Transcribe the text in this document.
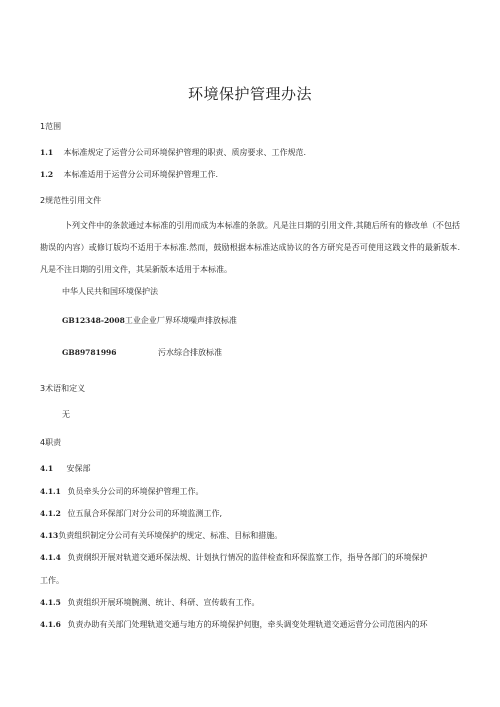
环境保护管理办法
1范围
1.1 本标准规定了运营分公司环境保护管理的职责、质房要求、工作规范.
1.2 本标准适用于运营分公司环境保护管理工作.
2规范性引用文件
卜列文件中的条款通过本标准的引用而成为本标准的条款。凡是注日期的引用文件,其随后所有的修改单（不包括勘误的内容）或修订版均不适用于本标准.然而，鼓励根据本标准达成协议的各方研究是否可使用这践文件的最新版本.凡是不注日期的引用文件，其呆新版本适用于本标准。
中华人民共和国环境保护法
GB12348-2008工业企业厂界环境噪声排放标准
GB89781996	污水综合排放标准
3术语和定义
无
4职责
4.1 安保部
4.1.1 负员牵头分公司的环境保护管理工作。
4.1.2 位五鼠合环保部门对分公司的环境监测工作,
4.13负责组织制定分公司有关环境保护的规定、标准、目标和措施。
4.1.4 负责纲织开展对轨道交通环保法规、计划执行情况的监伴检查和环保监察工作，指导各部门的环境保护
工作。
4.1.5 负责组织开展环境腕测、统计、科研、宣传载有工作。
4.1.6 负责办助有关部门处理轨道交通与地方的环境保护何胞，牵头调变处理轨道交通运营分公司范困内的环
